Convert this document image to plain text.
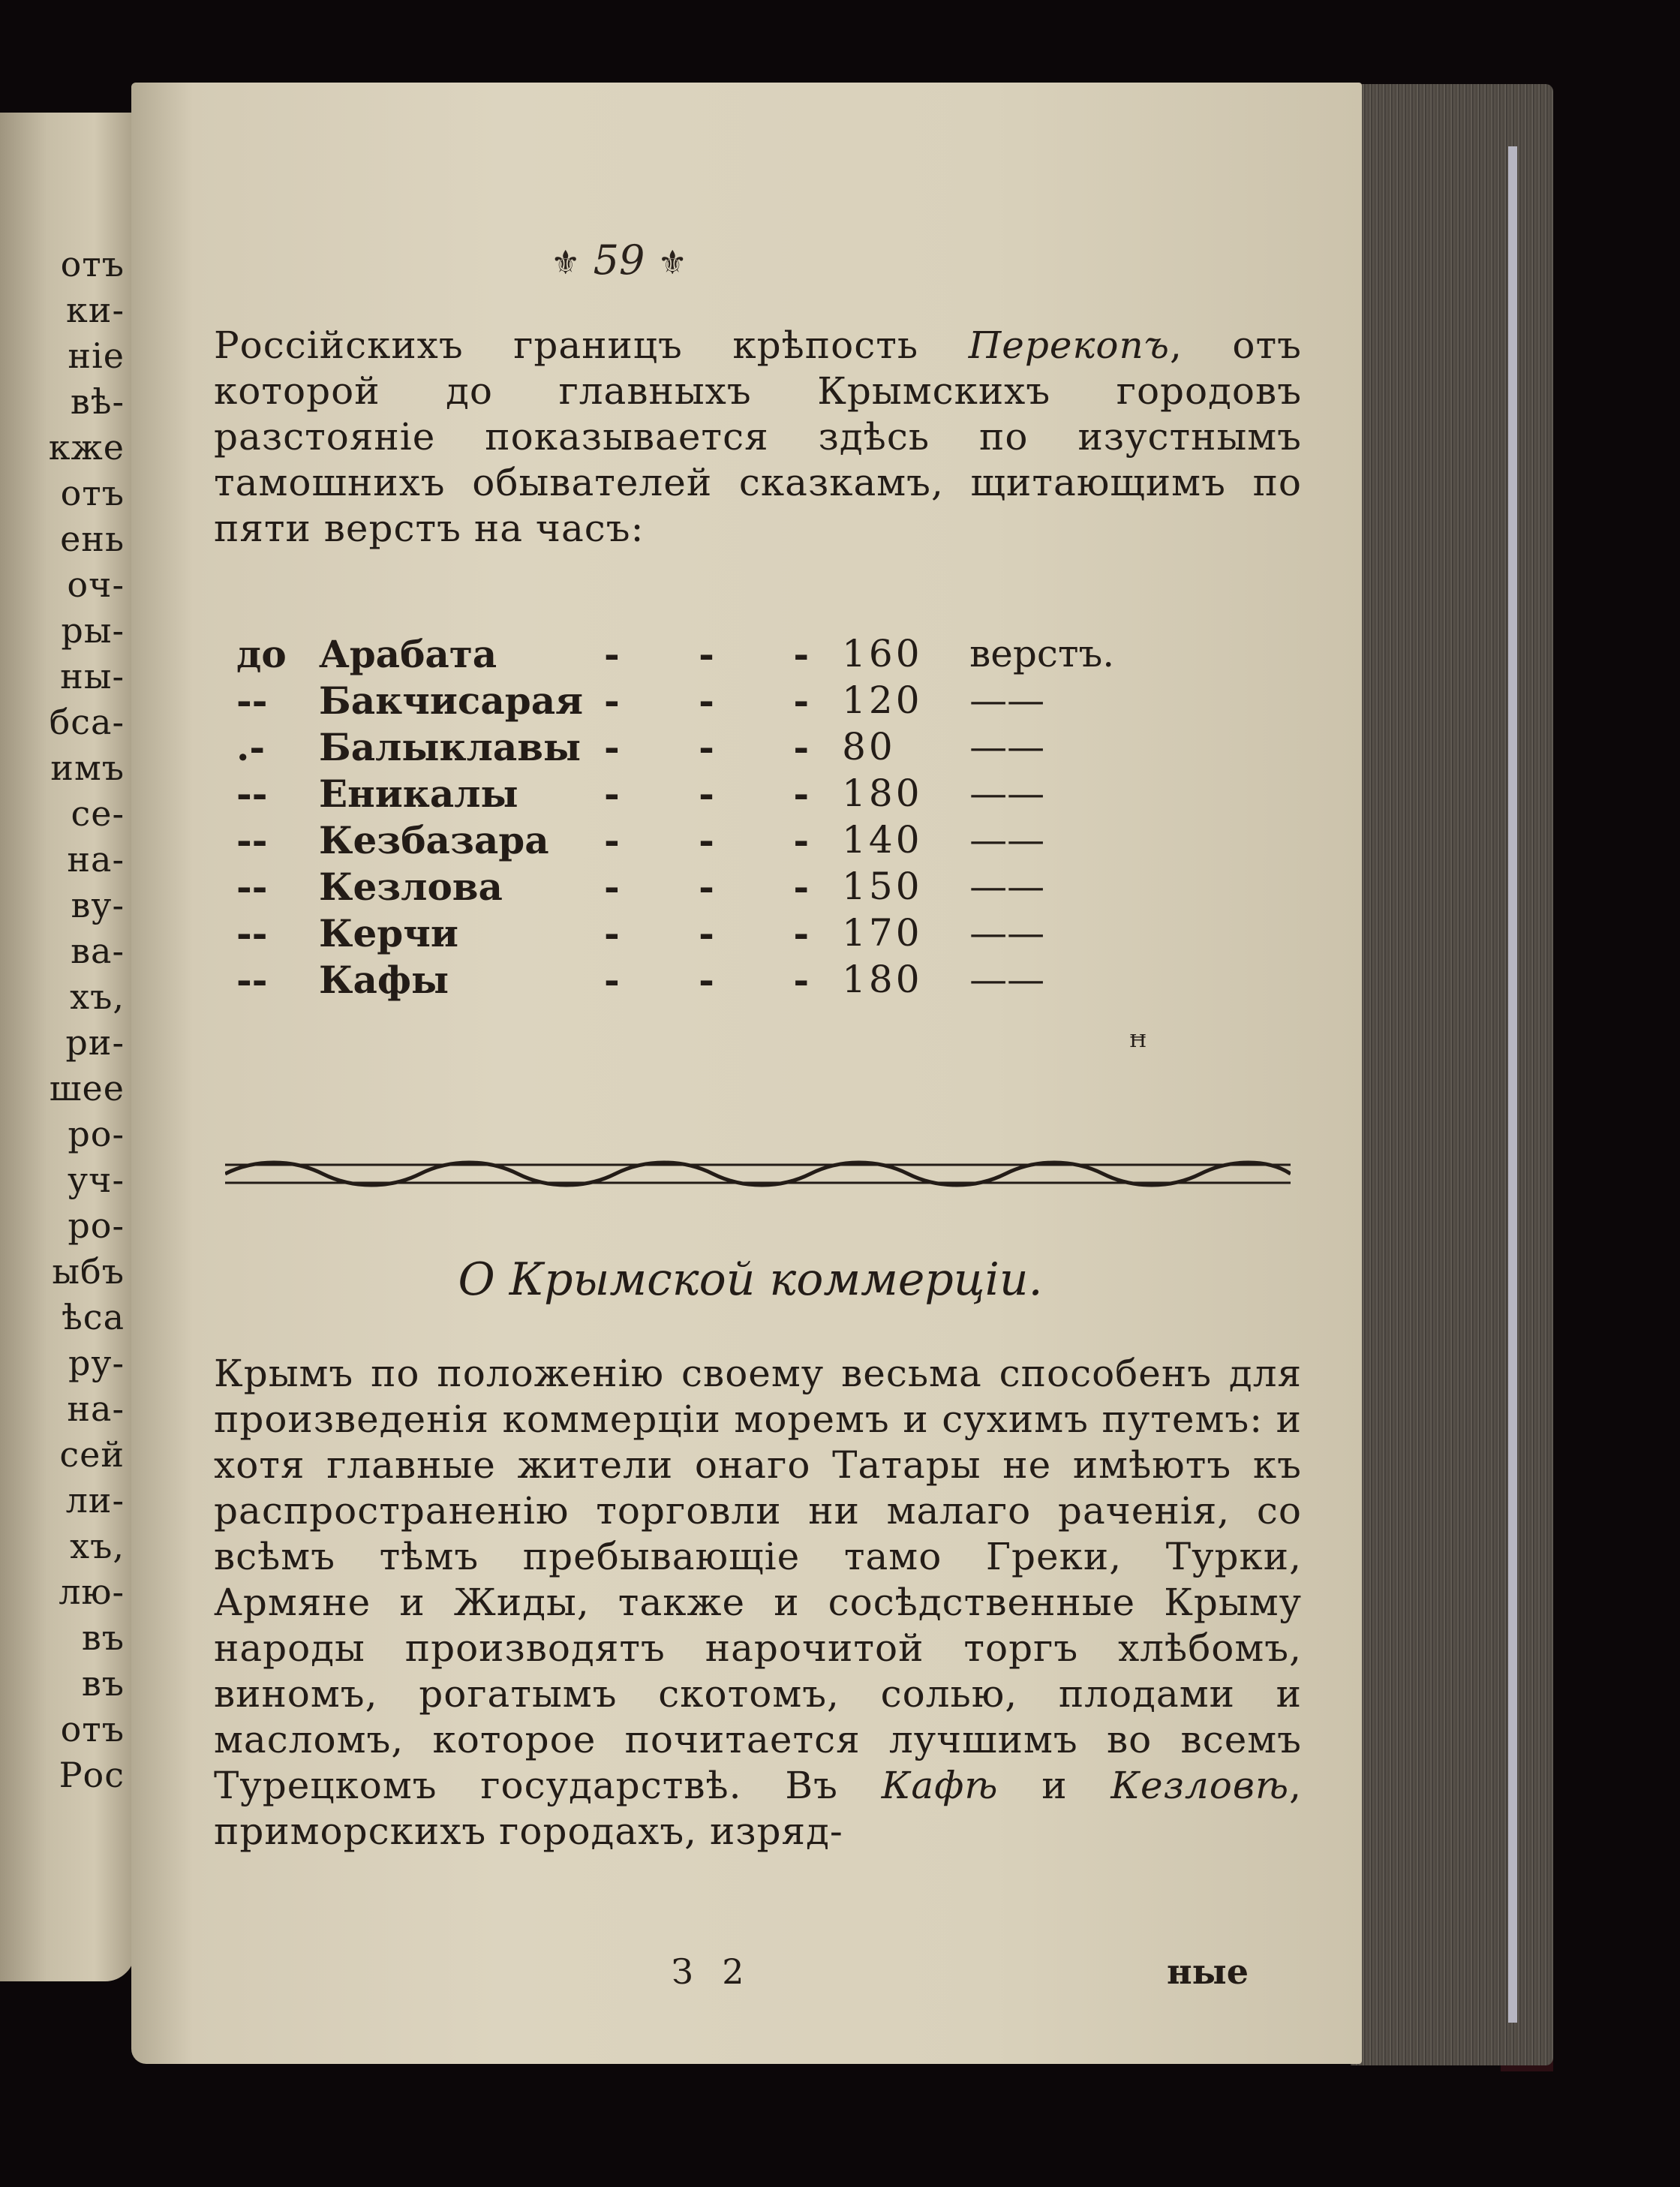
отъ
ки-
ніе
вѣ-
кже
отъ
ень
оч-
ры-
ны-
бса-
имъ
се-
на-
ву-
ва-
хъ,
ри-
шее
ро-
уч-
ро-
ыбъ
ѣса
ру-
на-
сей
ли-
хъ,
лю-
въ
въ
отъ
Рос
⚜ 59 ⚜

Россійскихъ границъ крѣпость Перекопъ, отъ которой до главныхъ Крымскихъ городовъ разстояніе показывается здѣсь по изустнымъ тамошнихъ обывателей сказкамъ, щитающимъ по пяти верстъ на часъ:

до	Арабата	- - -	160	верстъ.
--	Бакчисарая	- - -	120	——
.-	Балыклавы	- - -	80	——
--	Еникалы	- - -	180	——
--	Кезбазара	- - -	140	——
--	Кезлова	- - -	150	——
--	Керчи	- - -	170	——
--	Кафы	- - -	180	——
ꟸ
О Крымской коммерціи.

Крымъ по положенію своему весьма способенъ для произведенія коммерціи моремъ и сухимъ путемъ: и хотя главные жители онаго Татары не имѣютъ къ распространенію торговли ни малаго раченія, со всѣмъ тѣмъ пребывающіе тамо Греки, Турки, Армяне и Жиды, также и сосѣдственные Крыму народы производятъ нарочитой торгъ хлѣбомъ, виномъ, рогатымъ скотомъ, солью, плодами и масломъ, которое почитается лучшимъ во всемъ Турецкомъ государствѣ. Въ Кафѣ и Кезловѣ, приморскихъ городахъ, изряд-

З 2	ные
